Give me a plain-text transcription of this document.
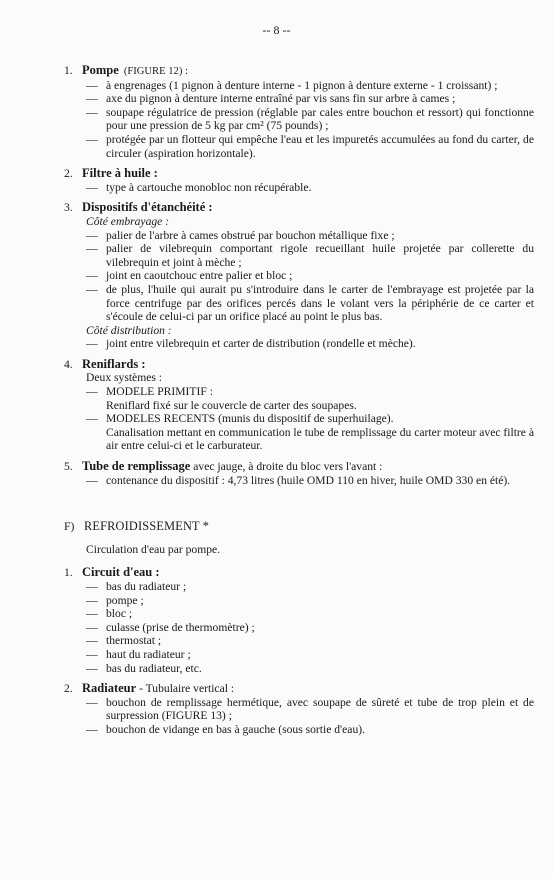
-- 8 --
1. Pompe (FIGURE 12) :
— à engrenages (1 pignon à denture interne - 1 pignon à denture externe - 1 croissant) ;
— axe du pignon à denture interne entraîné par vis sans fin sur arbre à cames ;
— soupape régulatrice de pression (réglable par cales entre bouchon et ressort) qui fonctionne pour une pression de 5 kg par cm² (75 pounds) ;
— protégée par un flotteur qui empêche l'eau et les impuretés accumulées au fond du carter, de circuler (aspiration horizontale).
2. Filtre à huile :
— type à cartouche monobloc non récupérable.
3. Dispositifs d'étanchéité :
Côté embrayage :
— palier de l'arbre à cames obstrué par bouchon métallique fixe ;
— palier de vilebrequin comportant rigole recueillant huile projetée par collerette du vilebrequin et joint à mèche ;
— joint en caoutchouc entre palier et bloc ;
— de plus, l'huile qui aurait pu s'introduire dans le carter de l'embrayage est projetée par la force centrifuge par des orifices percés dans le volant vers la périphérie de ce carter et s'écoule de celui-ci par un orifice placé au point le plus bas.
Côté distribution :
— joint entre vilebrequin et carter de distribution (rondelle et mèche).
4. Reniflards :
Deux systèmes :
— MODELE PRIMITIF :
Reniflard fixé sur le couvercle de carter des soupapes.
— MODELES RECENTS (munis du dispositif de superhuilage).
Canalisation mettant en communication le tube de remplissage du carter moteur avec filtre à air entre celui-ci et le carburateur.
5. Tube de remplissage avec jauge, à droite du bloc vers l'avant :
— contenance du dispositif : 4,73 litres (huile OMD 110 en hiver, huile OMD 330 en été).
F) REFROIDISSEMENT *
Circulation d'eau par pompe.
1. Circuit d'eau :
— bas du radiateur ;
— pompe ;
— bloc ;
— culasse (prise de thermomètre) ;
— thermostat ;
— haut du radiateur ;
— bas du radiateur, etc.
2. Radiateur - Tubulaire vertical :
— bouchon de remplissage hermétique, avec soupape de sûreté et tube de trop plein et de surpression (FIGURE 13) ;
— bouchon de vidange en bas à gauche (sous sortie d'eau).
